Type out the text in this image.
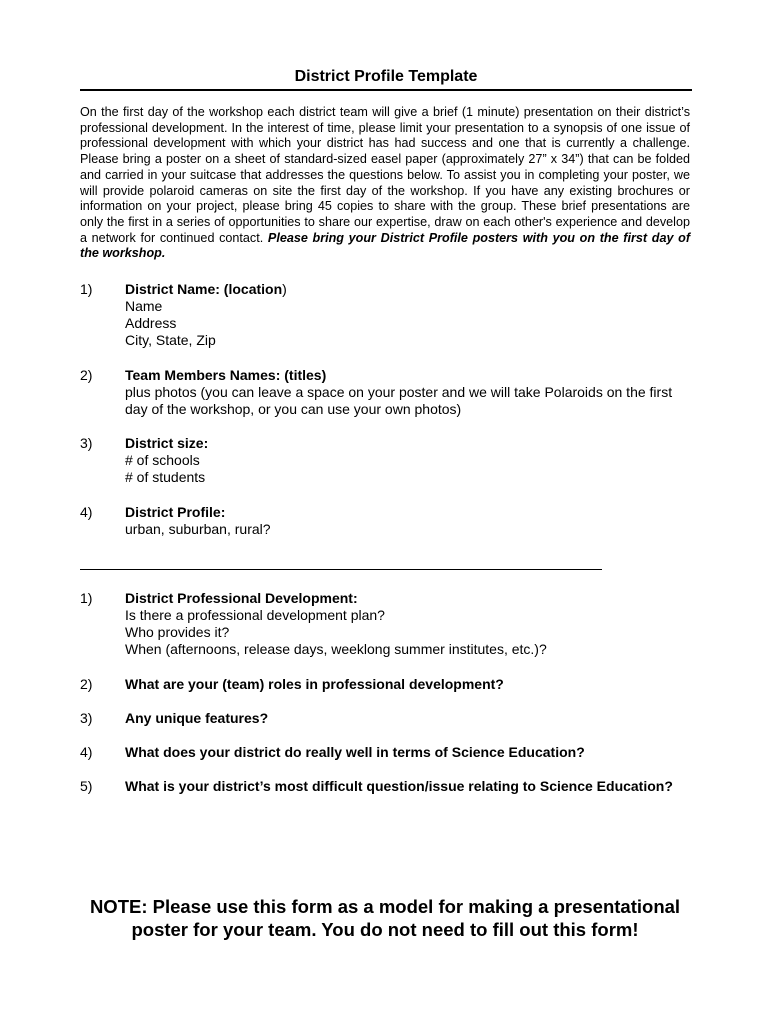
District Profile Template
On the first day of the workshop each district team will give a brief (1 minute) presentation on their district’s professional development. In the interest of time, please limit your presentation to a synopsis of one issue of professional development with which your district has had success and one that is currently a challenge. Please bring a poster on a sheet of standard-sized easel paper (approximately 27” x 34”) that can be folded and carried in your suitcase that addresses the questions below. To assist you in completing your poster, we will provide polaroid cameras on site the first day of the workshop. If you have any existing brochures or information on your project, please bring 45 copies to share with the group. These brief presentations are only the first in a series of opportunities to share our expertise, draw on each other's experience and develop a network for continued contact. Please bring your District Profile posters with you on the first day of the workshop.
1) District Name: (location)
Name
Address
City, State, Zip
2) Team Members Names: (titles)
plus photos (you can leave a space on your poster and we will take Polaroids on the first day of the workshop, or you can use your own photos)
3) District size:
# of schools
# of students
4) District Profile:
urban, suburban, rural?
1) District Professional Development:
Is there a professional development plan?
Who provides it?
When (afternoons, release days, weeklong summer institutes, etc.)?
2) What are your (team) roles in professional development?
3) Any unique features?
4) What does your district do really well in terms of Science Education?
5) What is your district’s most difficult question/issue relating to Science Education?
NOTE: Please use this form as a model for making a presentational poster for your team. You do not need to fill out this form!
